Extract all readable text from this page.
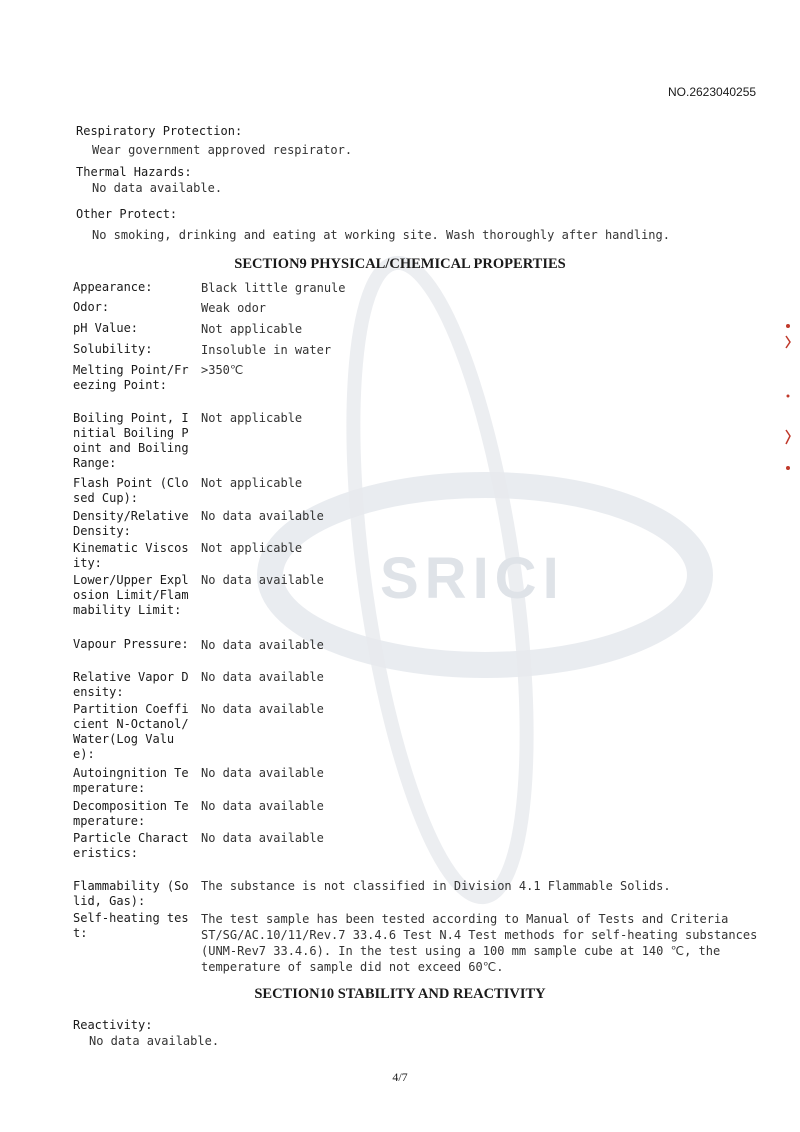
SRICI
NO.2623040255
Respiratory Protection:
Wear government approved respirator.
Thermal Hazards:
No data available.
Other Protect:
No smoking, drinking and eating at working site. Wash thoroughly after handling.
SECTION9 PHYSICAL/CHEMICAL PROPERTIES
Appearance:	Black little granule
Odor:	Weak odor
pH Value:	Not applicable
Solubility:	Insoluble in water
Melting Point/Freezing Point:
>350℃
Boiling Point, Initial Boiling Point and Boiling Range:
Not applicable
Flash Point (Closed Cup):
Not applicable
Density/Relative Density:
No data available
Kinematic Viscosity:
Not applicable
Lower/Upper Explosion Limit/Flammability Limit:
No data available
Vapour Pressure:	No data available
Relative Vapor Density:
No data available
Partition Coefficient N-Octanol/Water(Log Value):
No data available
Autoingnition Temperature:
No data available
Decomposition Temperature:
No data available
Particle Characteristics:
No data available
Flammability (Solid, Gas):
The substance is not classified in Division 4.1 Flammable Solids.
Self-heating test:
The test sample has been tested according to Manual of Tests and Criteria ST/SG/AC.10/11/Rev.7 33.4.6 Test N.4 Test methods for self-heating substances (UNM-Rev7 33.4.6). In the test using a 100 mm sample cube at 140 ℃, the temperature of sample did not exceed 60℃.
SECTION10 STABILITY AND REACTIVITY
Reactivity:
No data available.
4/7
